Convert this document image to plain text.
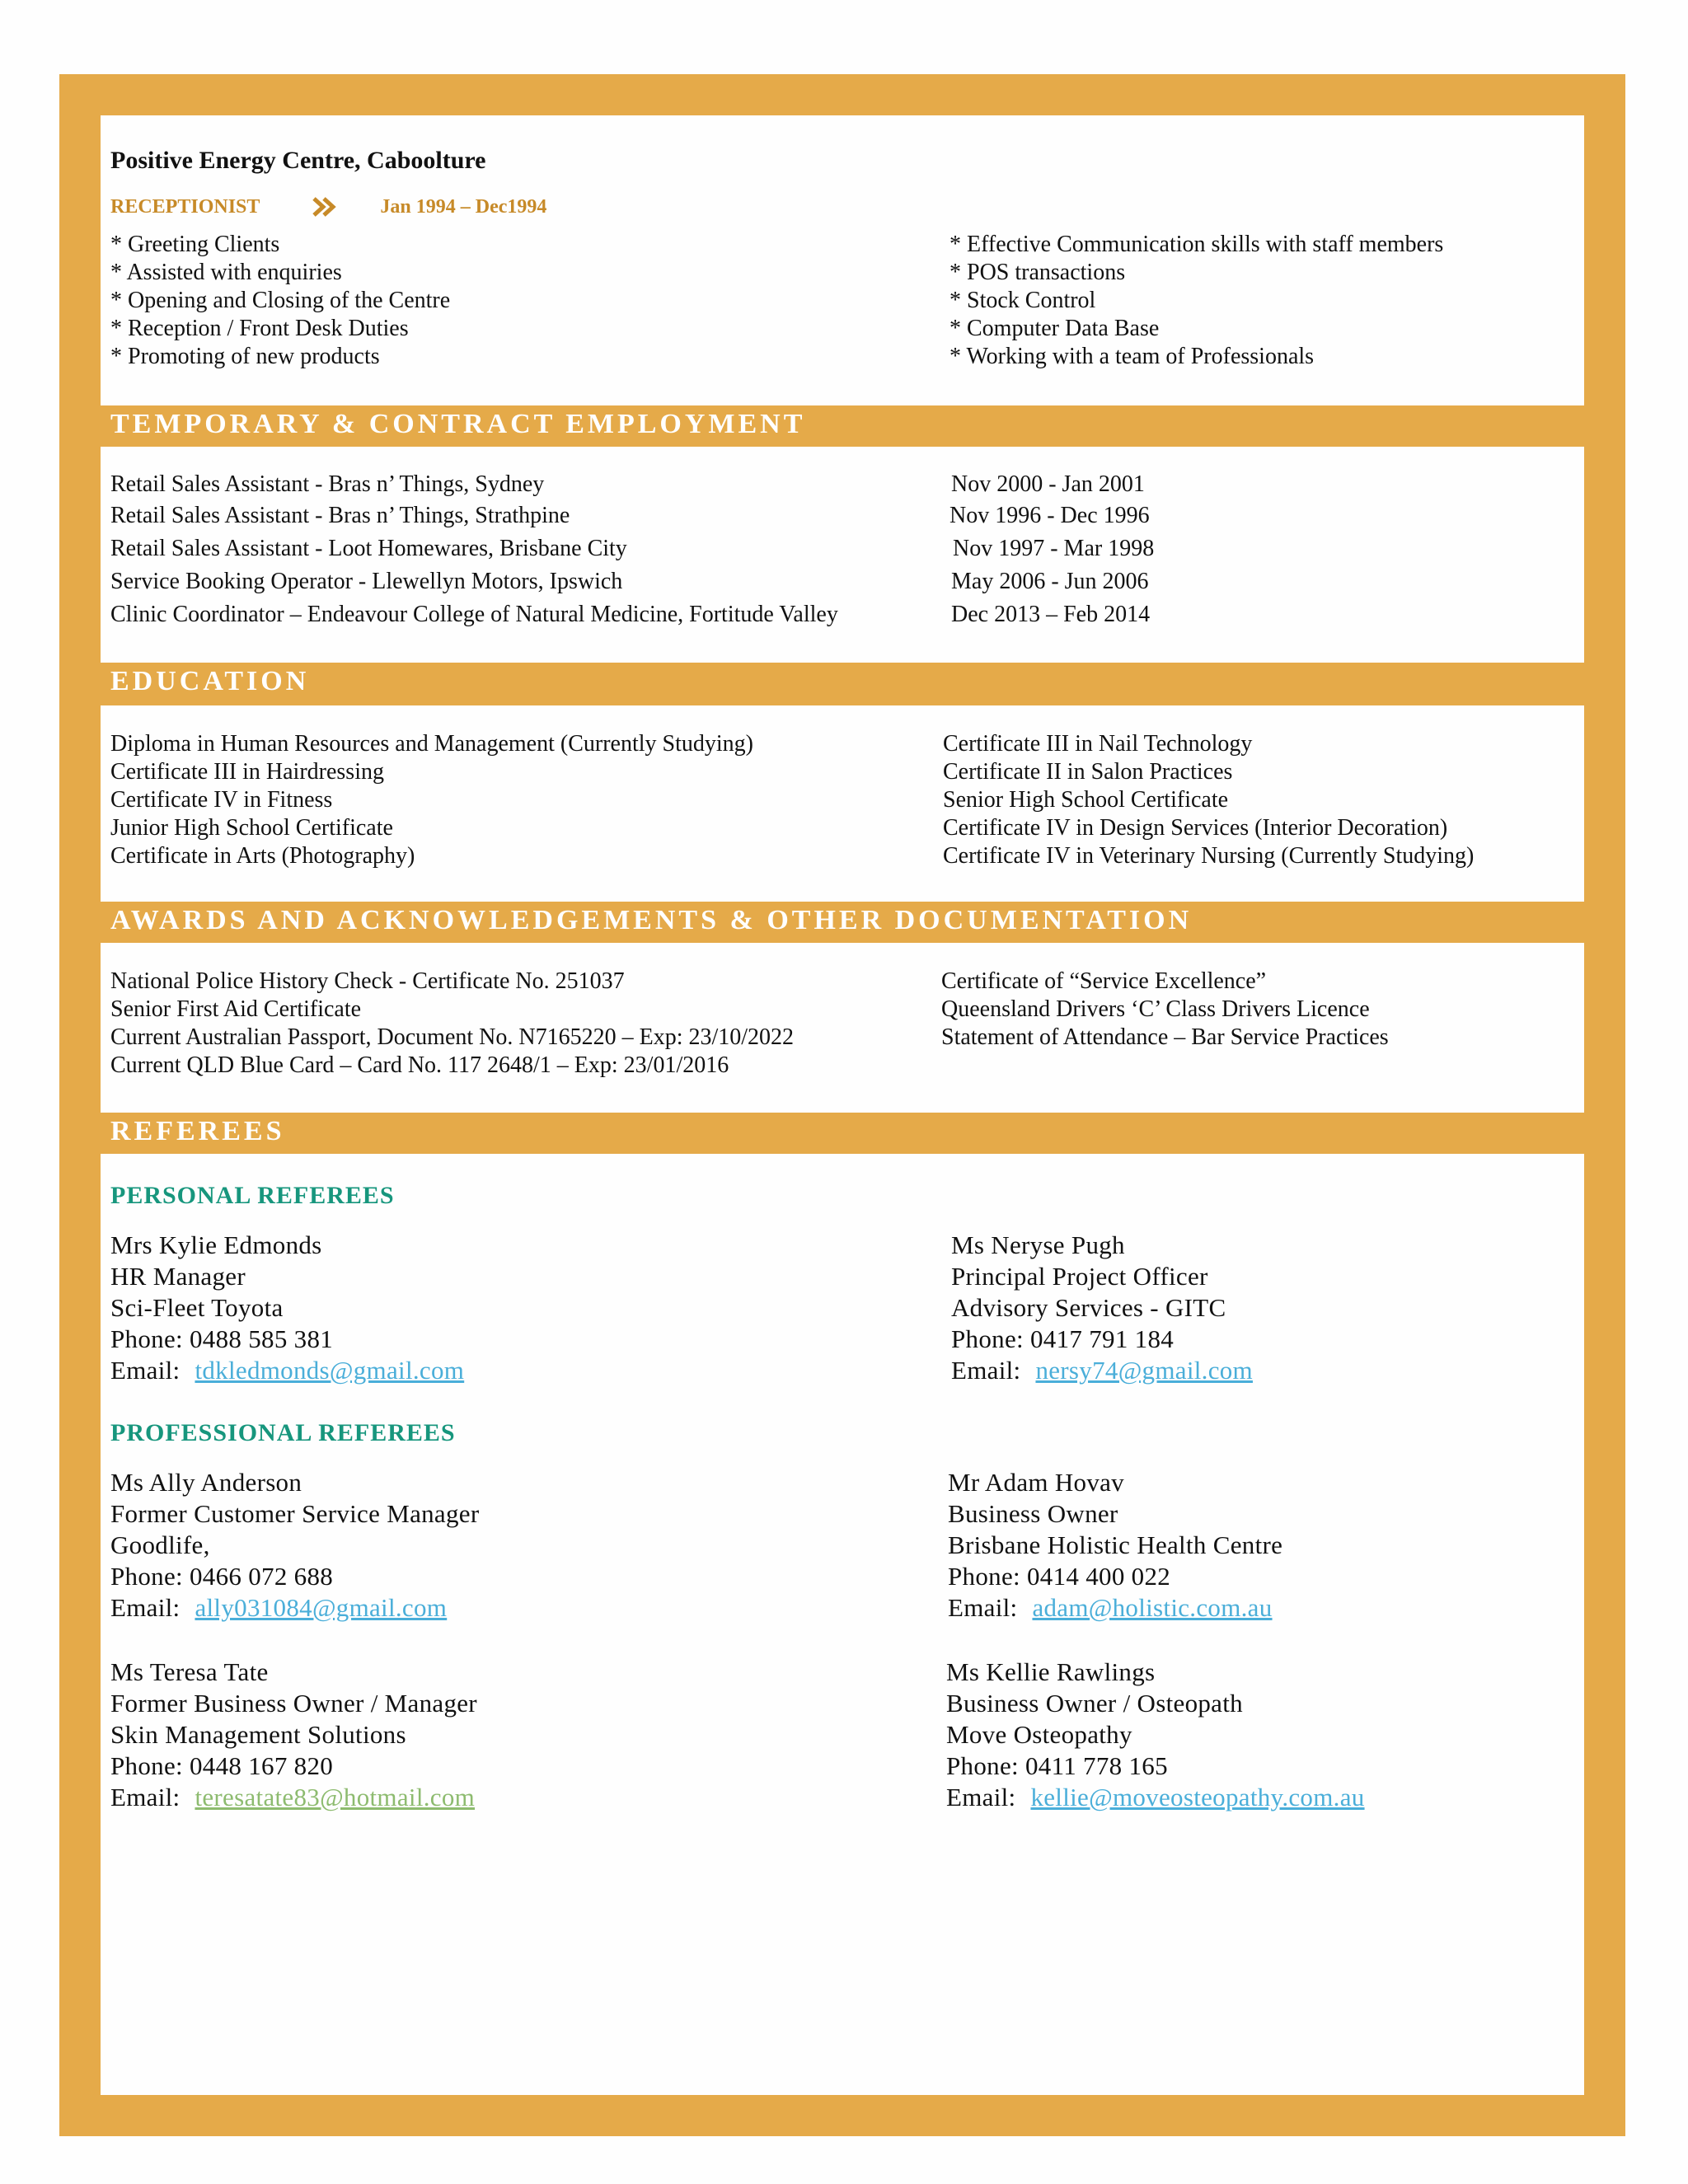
Positive Energy Centre, Caboolture
RECEPTIONIST	Jan 1994 – Dec1994
* Greeting Clients
* Assisted with enquiries
* Opening and Closing of the Centre
* Reception / Front Desk Duties
* Promoting of new products
* Effective Communication skills with staff members
* POS transactions
* Stock Control
* Computer Data Base
* Working with a team of Professionals
TEMPORARY & CONTRACT EMPLOYMENT
Retail Sales Assistant - Bras n’ Things, Sydney	Nov 2000 - Jan 2001
Retail Sales Assistant - Bras n’ Things, Strathpine	Nov 1996 - Dec 1996
Retail Sales Assistant - Loot Homewares, Brisbane City	Nov 1997 - Mar 1998
Service Booking Operator - Llewellyn Motors, Ipswich	May 2006 - Jun 2006
Clinic Coordinator – Endeavour College of Natural Medicine, Fortitude Valley	Dec 2013 – Feb 2014
EDUCATION
Diploma in Human Resources and Management (Currently Studying)
Certificate III in Hairdressing
Certificate IV in Fitness
Junior High School Certificate
Certificate in Arts (Photography)
Certificate III in Nail Technology
Certificate II in Salon Practices
Senior High School Certificate
Certificate IV in Design Services (Interior Decoration)
Certificate IV in Veterinary Nursing (Currently Studying)
AWARDS AND ACKNOWLEDGEMENTS & OTHER DOCUMENTATION
National Police History Check - Certificate No. 251037
Senior First Aid Certificate
Current Australian Passport, Document No. N7165220 – Exp: 23/10/2022
Current QLD Blue Card – Card No. 117 2648/1 – Exp: 23/01/2016
Certificate of “Service Excellence”
Queensland Drivers ‘C’ Class Drivers Licence
Statement of Attendance – Bar Service Practices
REFEREES
PERSONAL REFEREES
Mrs Kylie Edmonds
HR Manager
Sci-Fleet Toyota
Phone: 0488 585 381
Email: tdkledmonds@gmail.com
Ms Neryse Pugh
Principal Project Officer
Advisory Services - GITC
Phone: 0417 791 184
Email: nersy74@gmail.com
PROFESSIONAL REFEREES
Ms Ally Anderson
Former Customer Service Manager
Goodlife,
Phone: 0466 072 688
Email: ally031084@gmail.com
Mr Adam Hovav
Business Owner
Brisbane Holistic Health Centre
Phone: 0414 400 022
Email: adam@holistic.com.au
Ms Teresa Tate
Former Business Owner / Manager
Skin Management Solutions
Phone: 0448 167 820
Email: teresatate83@hotmail.com
Ms Kellie Rawlings
Business Owner / Osteopath
Move Osteopathy
Phone: 0411 778 165
Email: kellie@moveosteopathy.com.au
